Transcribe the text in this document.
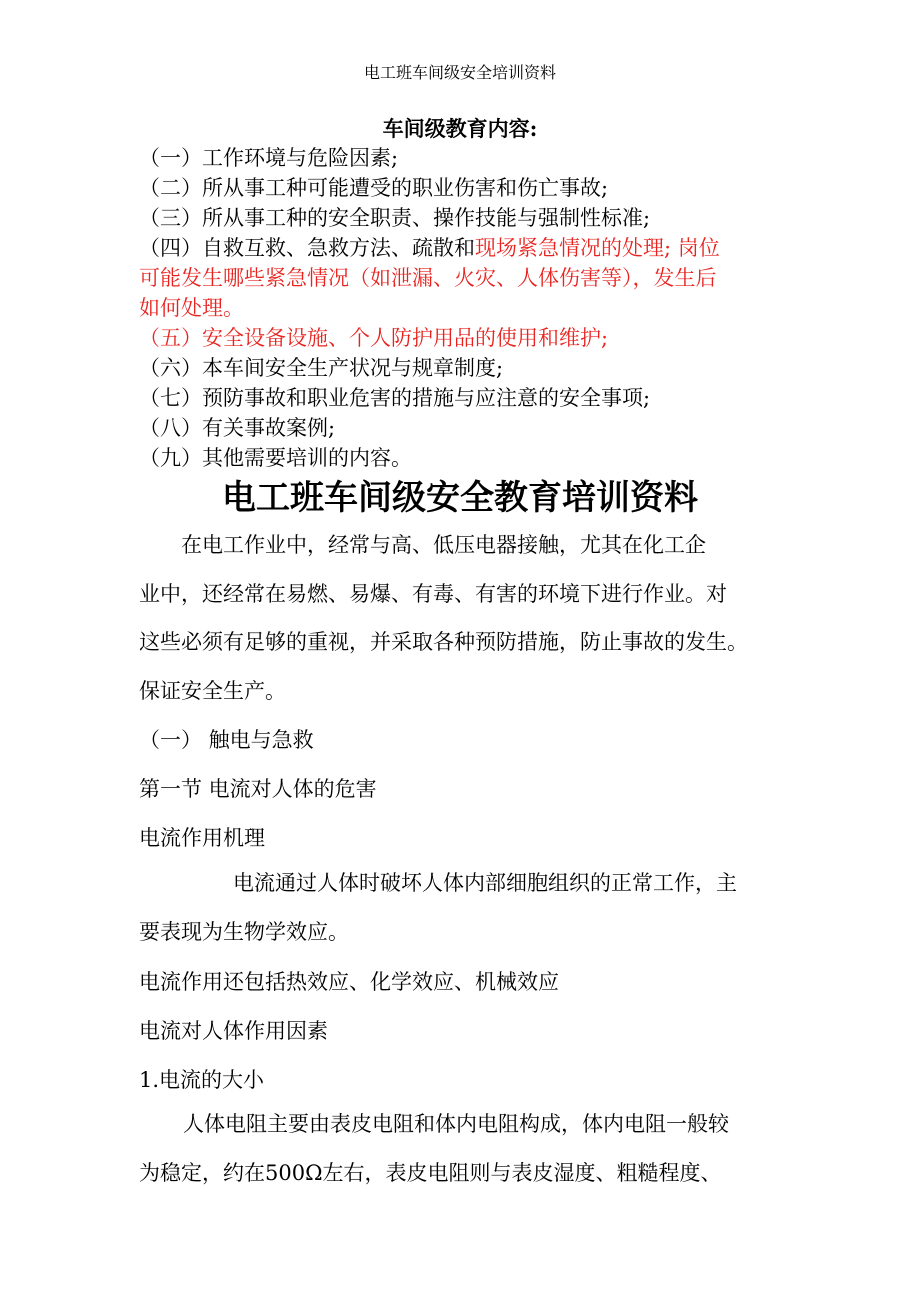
电工班车间级安全培训资料
车间级教育内容:

（一）工作环境与危险因素;

（二）所从事工种可能遭受的职业伤害和伤亡事故;

（三）所从事工种的安全职责、操作技能与强制性标准;

（四）自救互救、急救方法、疏散和现场紧急情况的处理; 岗位

可能发生哪些紧急情况（如泄漏、火灾、人体伤害等），发生后

如何处理。

（五）安全设备设施、个人防护用品的使用和维护;

（六）本车间安全生产状况与规章制度;

（七）预防事故和职业危害的措施与应注意的安全事项;

（八）有关事故案例;

（九）其他需要培训的内容。

电工班车间级安全教育培训资料
在电工作业中，经常与高、低压电器接触，尤其在化工企
业中，还经常在易燃、易爆、有毒、有害的环境下进行作业。对
这些必须有足够的重视，并采取各种预防措施，防止事故的发生。
保证安全生产。
（一） 触电与急救
第一节 电流对人体的危害
电流作用机理
电流通过人体时破坏人体内部细胞组织的正常工作，主
要表现为生物学效应。
电流作用还包括热效应、化学效应、机械效应
电流对人体作用因素
1.电流的大小
人体电阻主要由表皮电阻和体内电阻构成，体内电阻一般较
为稳定，约在500Ω左右，表皮电阻则与表皮湿度、粗糙程度、
